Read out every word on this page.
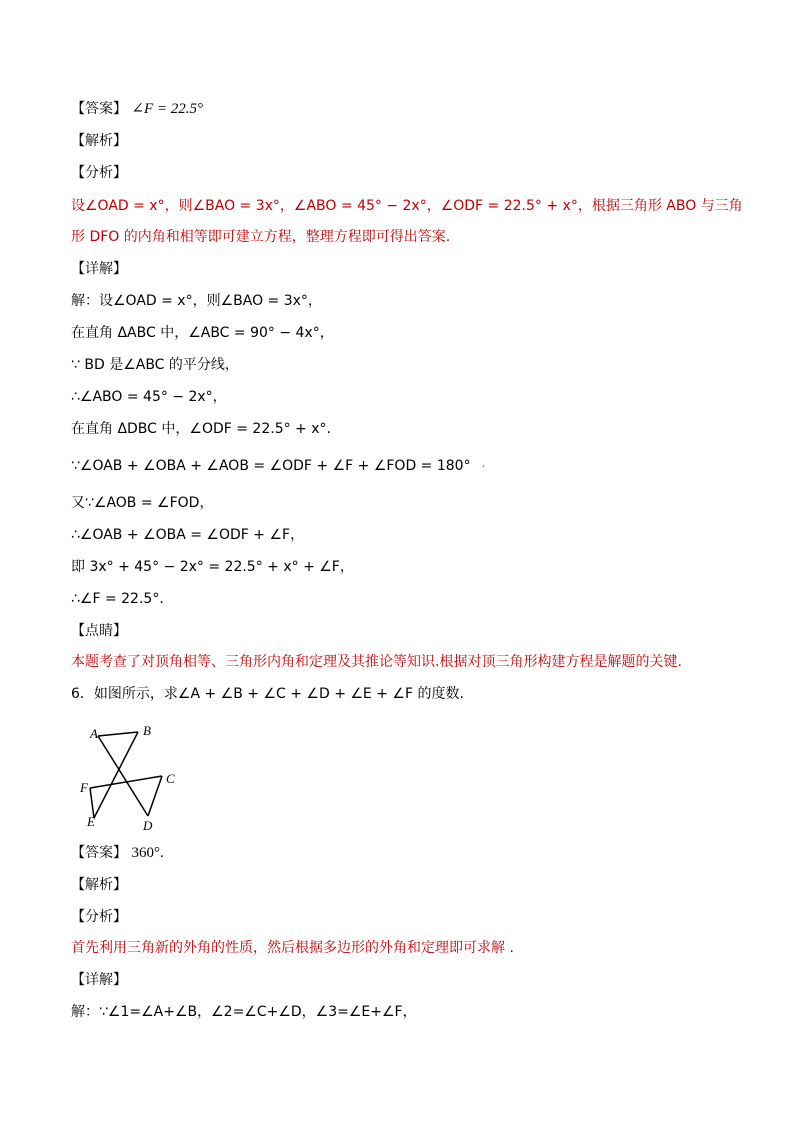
【答案】 ∠F = 22.5°
【解析】
【分析】
设∠OAD = x°，则∠BAO = 3x°，∠ABO = 45° − 2x°，∠ODF = 22.5° + x°，根据三角形 ABO 与三角
形 DFO 的内角和相等即可建立方程，整理方程即可得出答案.
【详解】
解：设∠OAD = x°，则∠BAO = 3x°，
在直角 ΔABC 中，∠ABC = 90° − 4x°，
∵ BD 是∠ABC 的平分线，
∴∠ABO = 45° − 2x°，
在直角 ΔDBC 中，∠ODF = 22.5° + x°.
∵∠OAB + ∠OBA + ∠AOB = ∠ODF + ∠F + ∠FOD = 180° ,
又∵∠AOB = ∠FOD，
∴∠OAB + ∠OBA = ∠ODF + ∠F，
即 3x° + 45° − 2x° = 22.5° + x° + ∠F，
∴∠F = 22.5°.
【点睛】
本题考查了对顶角相等、三角形内角和定理及其推论等知识.根据对顶三角形构建方程是解题的关键.
6．如图所示，求∠A + ∠B + ∠C + ∠D + ∠E + ∠F 的度数.
A	B
C
D
E
F
【答案】 360°.
【解析】
【分析】
首先利用三角新的外角的性质，然后根据多边形的外角和定理即可求解 .
【详解】
解：∵∠1=∠A+∠B，∠2=∠C+∠D，∠3=∠E+∠F，
